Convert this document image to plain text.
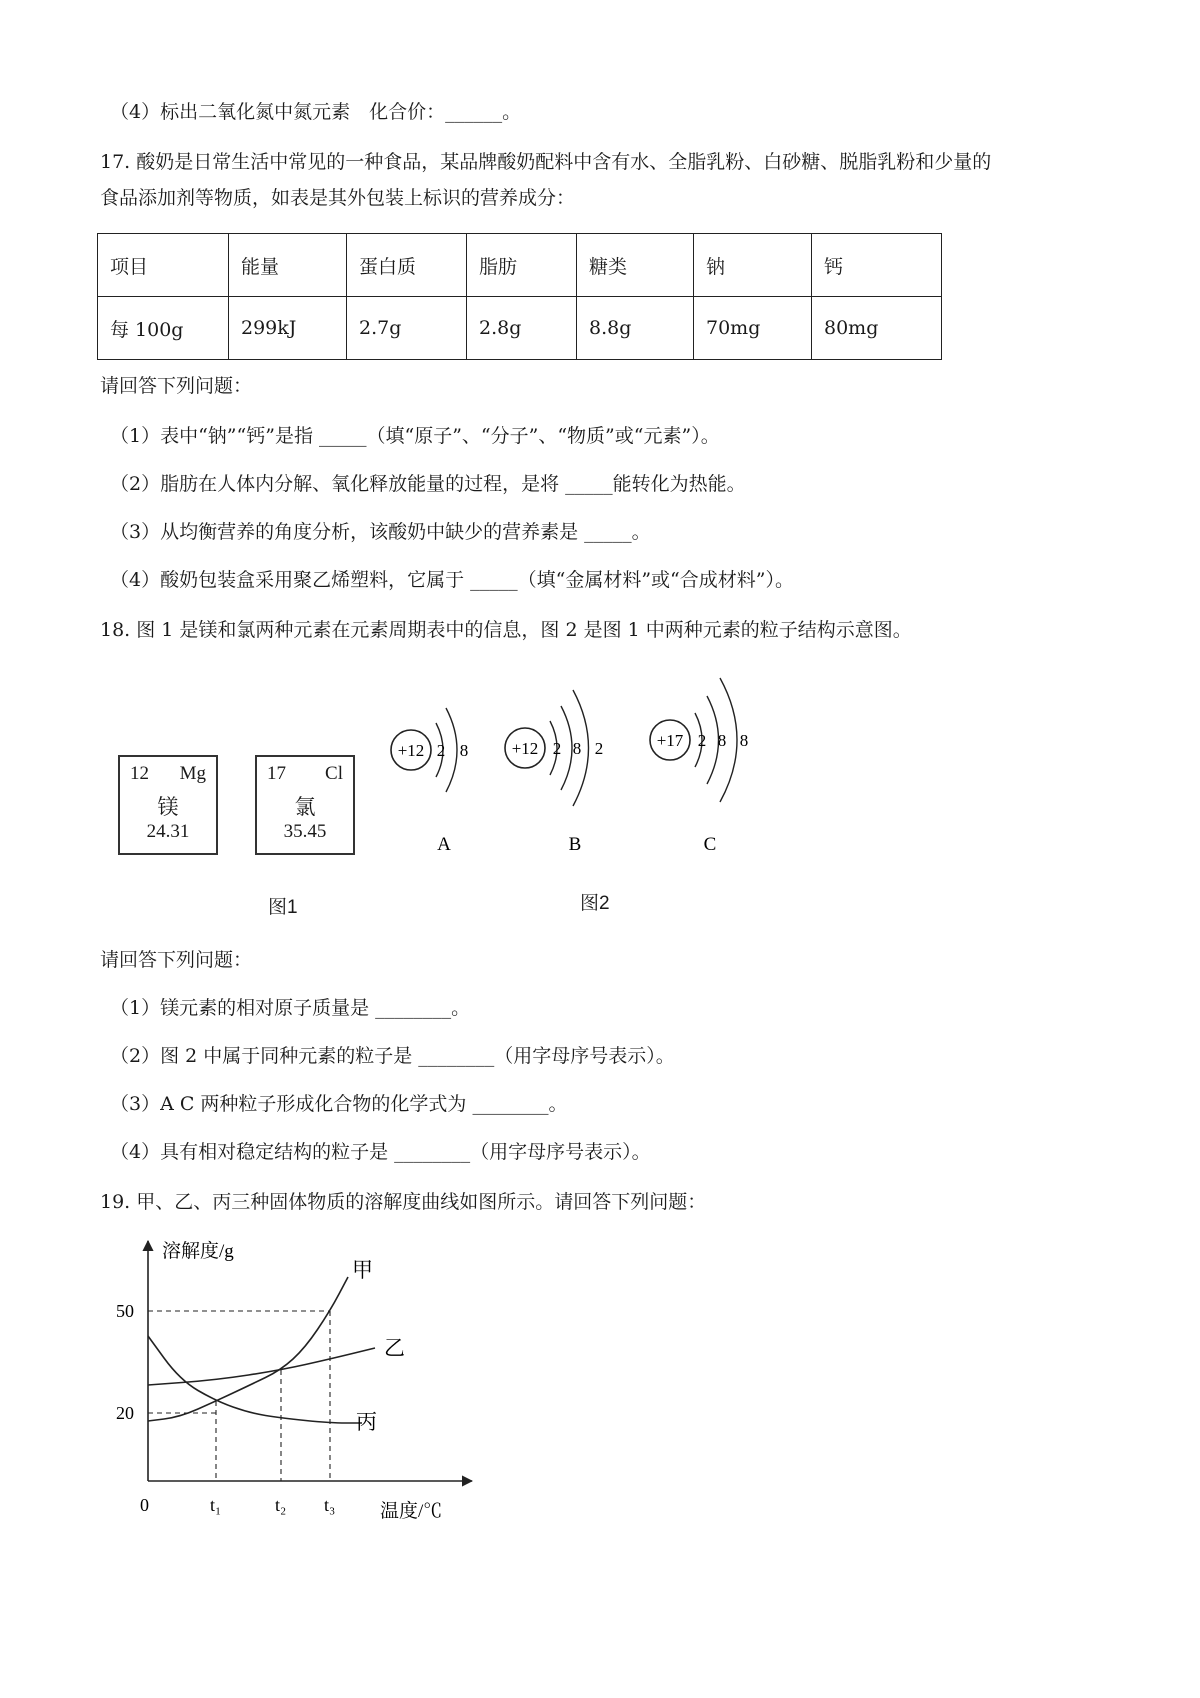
（4）标出二氧化氮中氮元素　化合价：______。
17. 酸奶是日常生活中常见的一种食品，某品牌酸奶配料中含有水、全脂乳粉、白砂糖、脱脂乳粉和少量的
食品添加剂等物质，如表是其外包装上标识的营养成分：
项目	能量	蛋白质	脂肪	糖类	钠	钙
每 100g	299kJ	2.7g	2.8g	8.8g	70mg	80mg
请回答下列问题：
（1）表中“钠”“钙”是指 _____（填“原子”、“分子”、“物质”或“元素”）。
（2）脂肪在人体内分解、氧化释放能量的过程，是将 _____能转化为热能。
（3）从均衡营养的角度分析，该酸奶中缺少的营养素是 _____。
（4）酸奶包装盒采用聚乙烯塑料，它属于 _____（填“金属材料”或“合成材料”）。
18. 图 1 是镁和氯两种元素在元素周期表中的信息，图 2 是图 1 中两种元素的粒子结构示意图。
12 Mg
镁
24.31
17 Cl
氯
35.45
图1
+12 2 8
A
+12 2 8 2
B
+17 2 8 8
C
图2
请回答下列问题：
（1）镁元素的相对原子质量是 ________。
（2）图 2 中属于同种元素的粒子是 ________（用字母序号表示）。
（3）A C 两种粒子形成化合物的化学式为 ________。
（4）具有相对稳定结构的粒子是 ________（用字母序号表示）。
19. 甲、乙、丙三种固体物质的溶解度曲线如图所示。请回答下列问题：
溶解度/g
温度/℃
甲
乙
丙
50
20
0	t₁	t₂ t₃
